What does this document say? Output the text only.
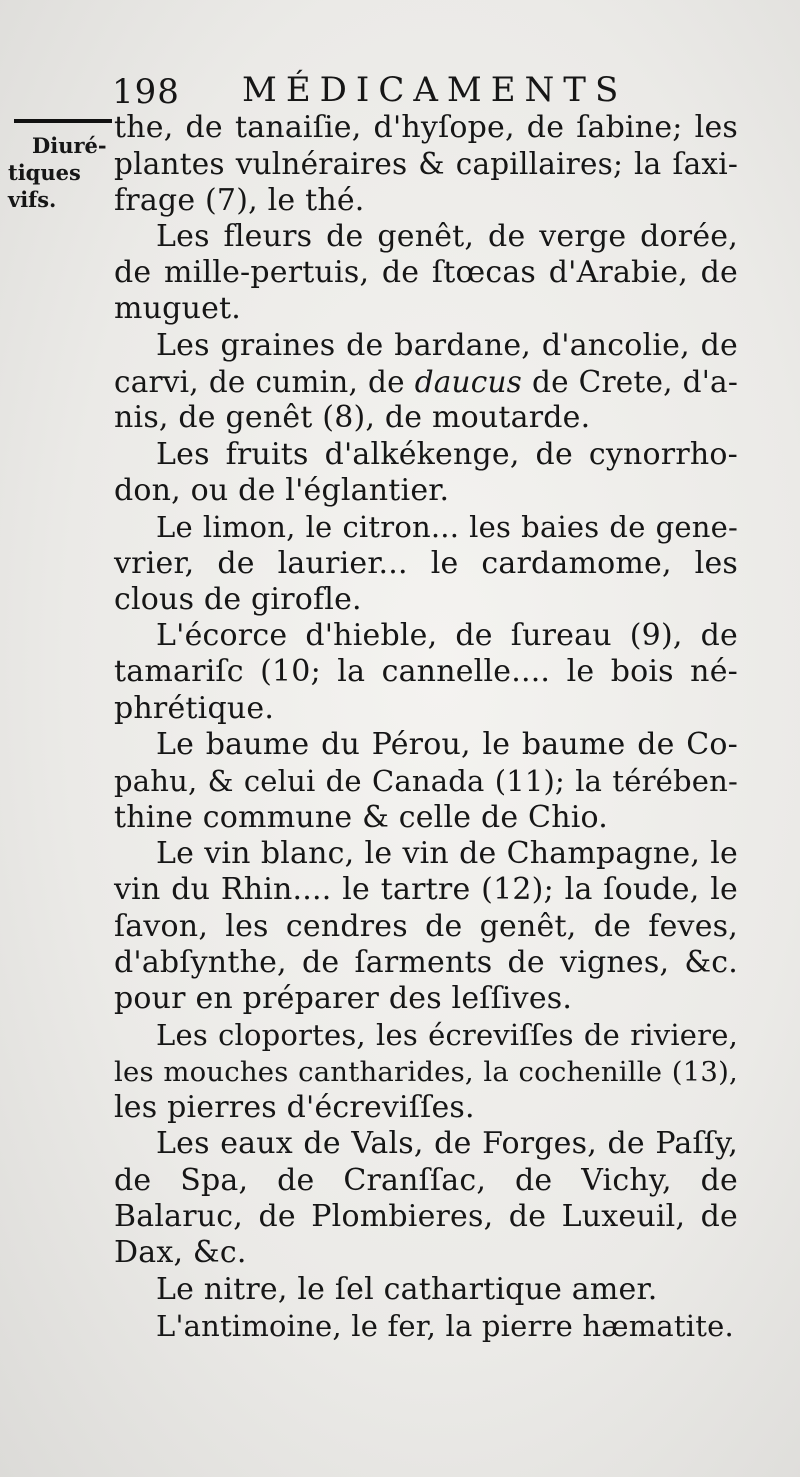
198 MÉDICAMENTS
Diuré-
tiques
vifs.
the, de tanaiſie, d'hyſope, de ſabine; les
plantes vulnéraires & capillaires; la ſaxi-
frage (7), le thé.
Les fleurs de genêt, de verge dorée,
de mille-pertuis, de ſtœcas d'Arabie, de
muguet.
Les graines de bardane, d'ancolie, de
carvi, de cumin, de daucus de Crete, d'a-
nis, de genêt (8), de moutarde.
Les fruits d'alkékenge, de cynorrho-
don, ou de l'églantier.
Le limon, le citron... les baies de gene-
vrier, de laurier... le cardamome, les
clous de girofle.
L'écorce d'hieble, de ſureau (9), de
tamariſc (10; la cannelle.... le bois né-
phrétique.
Le baume du Pérou, le baume de Co-
pahu, & celui de Canada (11); la térében-
thine commune & celle de Chio.
Le vin blanc, le vin de Champagne, le
vin du Rhin.... le tartre (12); la ſoude, le
ſavon, les cendres de genêt, de feves,
d'abſynthe, de ſarments de vignes, &c.
pour en préparer des leſſives.
Les cloportes, les écreviſſes de riviere,
les mouches cantharides, la cochenille (13),
les pierres d'écreviſſes.
Les eaux de Vals, de Forges, de Paſſy,
de Spa, de Cranſſac, de Vichy, de
Balaruc, de Plombieres, de Luxeuil, de
Dax, &c.
Le nitre, le ſel cathartique amer.
L'antimoine, le fer, la pierre hæmatite.
